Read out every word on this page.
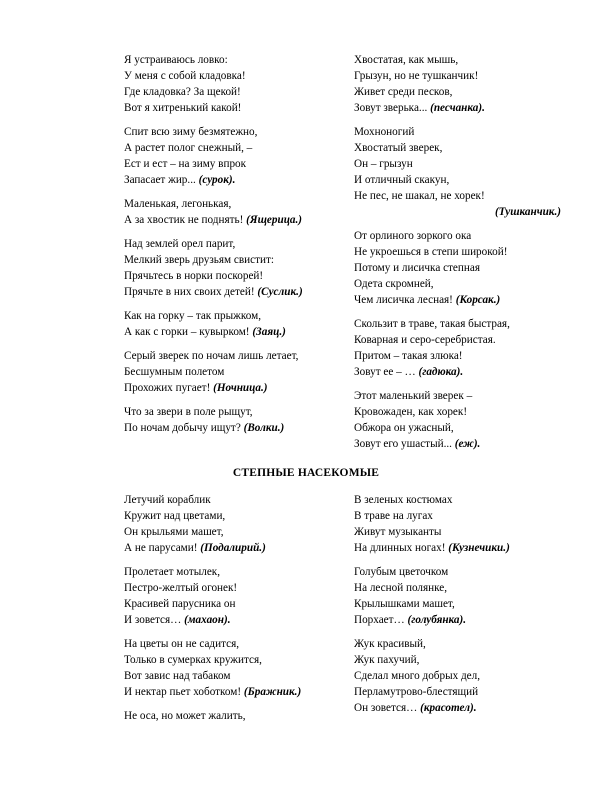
Я устраиваюсь ловко:
У меня с собой кладовка!
Где кладовка? За щекой!
Вот я хитренький какой!
Спит всю зиму безмятежно,
А растет полог снежный, –
Ест и ест – на зиму впрок
Запасает жир... (сурок).
Маленькая, легонькая,
А за хвостик не поднять! (Ящерица.)
Над землей орел парит,
Мелкий зверь друзьям свистит:
Прячьтесь в норки поскорей!
Прячьте в них своих детей! (Суслик.)
Как на горку – так прыжком,
А как с горки – кувырком! (Заяц.)
Серый зверек по ночам лишь летает,
Бесшумным полетом
Прохожих пугает! (Ночница.)
Что за звери в поле рыщут,
По ночам добычу ищут? (Волки.)
Хвостатая, как мышь,
Грызун, но не тушканчик!
Живет среди песков,
Зовут зверька... (песчанка).
Мохноногий
Хвостатый зверек,
Он – грызун
И отличный скакун,
Не пес, не шакал, не хорек!
(Тушканчик.)
От орлиного зоркого ока
Не укроешься в степи широкой!
Потому и лисичка степная
Одета скромней,
Чем лисичка лесная! (Корсак.)
Скользит в траве, такая быстрая,
Коварная и серо-серебристая.
Притом – такая злюка!
Зовут ее – … (гадюка).
Этот маленький зверек –
Кровожаден, как хорек!
Обжора он ужасный,
Зовут его ушастый... (еж).
СТЕПНЫЕ НАСЕКОМЫЕ
Летучий кораблик
Кружит над цветами,
Он крыльями машет,
А не парусами! (Подалирий.)
Пролетает мотылек,
Пестро-желтый огонек!
Красивей парусника он
И зовется… (махаон).
На цветы он не садится,
Только в сумерках кружится,
Вот завис над табаком
И нектар пьет хоботком! (Бражник.)
Не оса, но может жалить,
В зеленых костюмах
В траве на лугах
Живут музыканты
На длинных ногах! (Кузнечики.)
Голубым цветочком
На лесной полянке,
Крылышками машет,
Порхает… (голубянка).
Жук красивый,
Жук пахучий,
Сделал много добрых дел,
Перламутрово-блестящий
Он зовется… (красотел).
